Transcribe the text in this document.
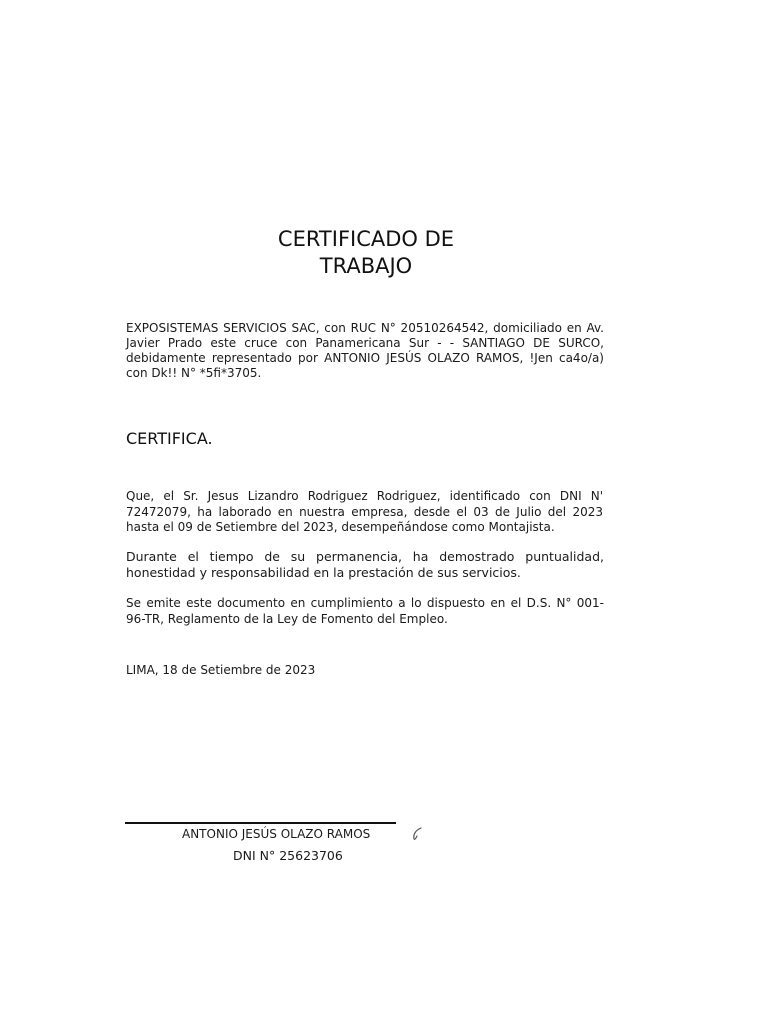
CERTIFICADO DE
TRABAJO
EXPOSISTEMAS SERVICIOS SAC, con RUC N° 20510264542, domiciliado en Av. Javier Prado este cruce con Panamericana Sur - - SANTIAGO DE SURCO, debidamente representado por ANTONIO JESÚS OLAZO RAMOS, !Jen ca4o/a) con Dk!! N° *5fi*3705.
CERTIFICA.
Que, el Sr. Jesus Lizandro Rodriguez Rodriguez, identificado con DNI N' 72472079, ha laborado en nuestra empresa, desde el 03 de Julio del 2023 hasta el 09 de Setiembre del 2023, desempeñándose como Montajista.
Durante el tiempo de su permanencia, ha demostrado puntualidad, honestidad y responsabilidad en la prestación de sus servicios.
Se emite este documento en cumplimiento a lo dispuesto en el D.S. N° 001-96-TR, Reglamento de la Ley de Fomento del Empleo.
LIMA, 18 de Setiembre de 2023
ANTONIO JESÚS OLAZO RAMOS
DNI N° 25623706
